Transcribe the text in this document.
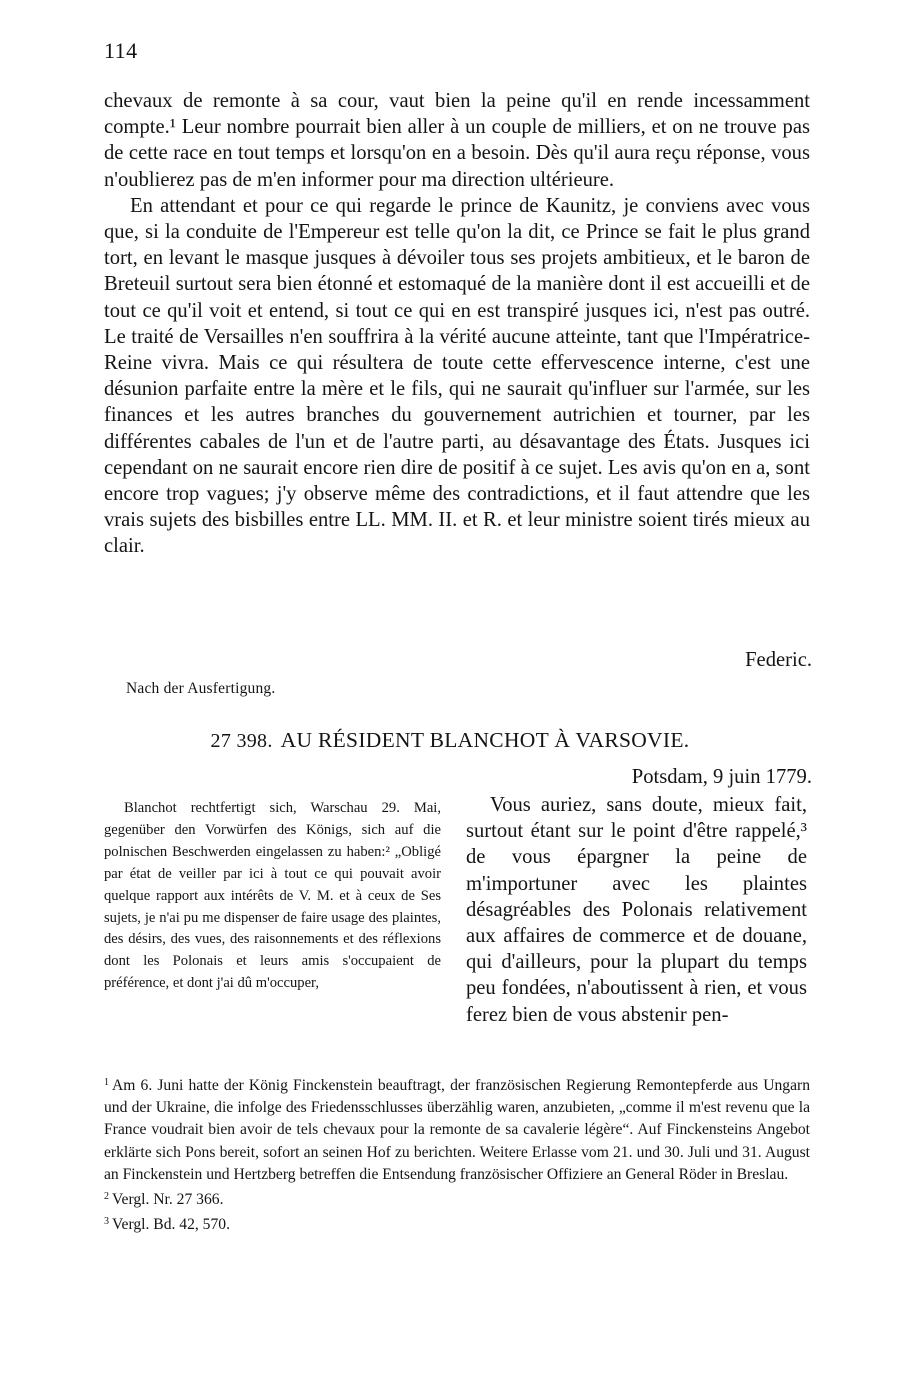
114

chevaux de remonte à sa cour, vaut bien la peine qu'il en rende incessamment compte.¹ Leur nombre pourrait bien aller à un couple de milliers, et on ne trouve pas de cette race en tout temps et lorsqu'on en a besoin. Dès qu'il aura reçu réponse, vous n'oublierez pas de m'en informer pour ma direction ultérieure.

En attendant et pour ce qui regarde le prince de Kaunitz, je conviens avec vous que, si la conduite de l'Empereur est telle qu'on la dit, ce Prince se fait le plus grand tort, en levant le masque jusques à dévoiler tous ses projets ambitieux, et le baron de Breteuil surtout sera bien étonné et estomaqué de la manière dont il est accueilli et de tout ce qu'il voit et entend, si tout ce qui en est transpiré jusques ici, n'est pas outré. Le traité de Versailles n'en souffrira à la vérité aucune atteinte, tant que l'Impératrice-Reine vivra. Mais ce qui résultera de toute cette effervescence interne, c'est une désunion parfaite entre la mère et le fils, qui ne saurait qu'influer sur l'armée, sur les finances et les autres branches du gouvernement autrichien et tourner, par les différentes cabales de l'un et de l'autre parti, au désavantage des États. Jusques ici cependant on ne saurait encore rien dire de positif à ce sujet. Les avis qu'on en a, sont encore trop vagues; j'y observe même des contradictions, et il faut attendre que les vrais sujets des bisbilles entre LL. MM. II. et R. et leur ministre soient tirés mieux au clair.

Federic.
Nach der Ausfertigung.
27 398. AU RÉSIDENT BLANCHOT À VARSOVIE.
Potsdam, 9 juin 1779.

Blanchot rechtfertigt sich, Warschau 29. Mai, gegenüber den Vorwürfen des Königs, sich auf die polnischen Beschwerden eingelassen zu haben:² „Obligé par état de veiller par ici à tout ce qui pouvait avoir quelque rapport aux intérêts de V. M. et à ceux de Ses sujets, je n'ai pu me dispenser de faire usage des plaintes, des désirs, des vues, des raisonnements et des réflexions dont les Polonais et leurs amis s'occupaient de préférence, et dont j'ai dû m'occuper,

Vous auriez, sans doute, mieux fait, surtout étant sur le point d'être rappelé,³ de vous épargner la peine de m'importuner avec les plaintes désagréables des Polonais relativement aux affaires de commerce et de douane, qui d'ailleurs, pour la plupart du temps peu fondées, n'aboutissent à rien, et vous ferez bien de vous abstenir pen-

$^1$ Am 6. Juni hatte der König Finckenstein beauftragt, der französischen Regierung Remontepferde aus Ungarn und der Ukraine, die infolge des Friedensschlusses überzählig waren, anzubieten, „comme il m'est revenu que la France voudrait bien avoir de tels chevaux pour la remonte de sa cavalerie légère“. Auf Finckensteins Angebot erklärte sich Pons bereit, sofort an seinen Hof zu berichten. Weitere Erlasse vom 21. und 30. Juli und 31. August an Finckenstein und Hertzberg betreffen die Entsendung französischer Offiziere an General Röder in Breslau.

$^2$ Vergl. Nr. 27 366.

$^3$ Vergl. Bd. 42, 570.
